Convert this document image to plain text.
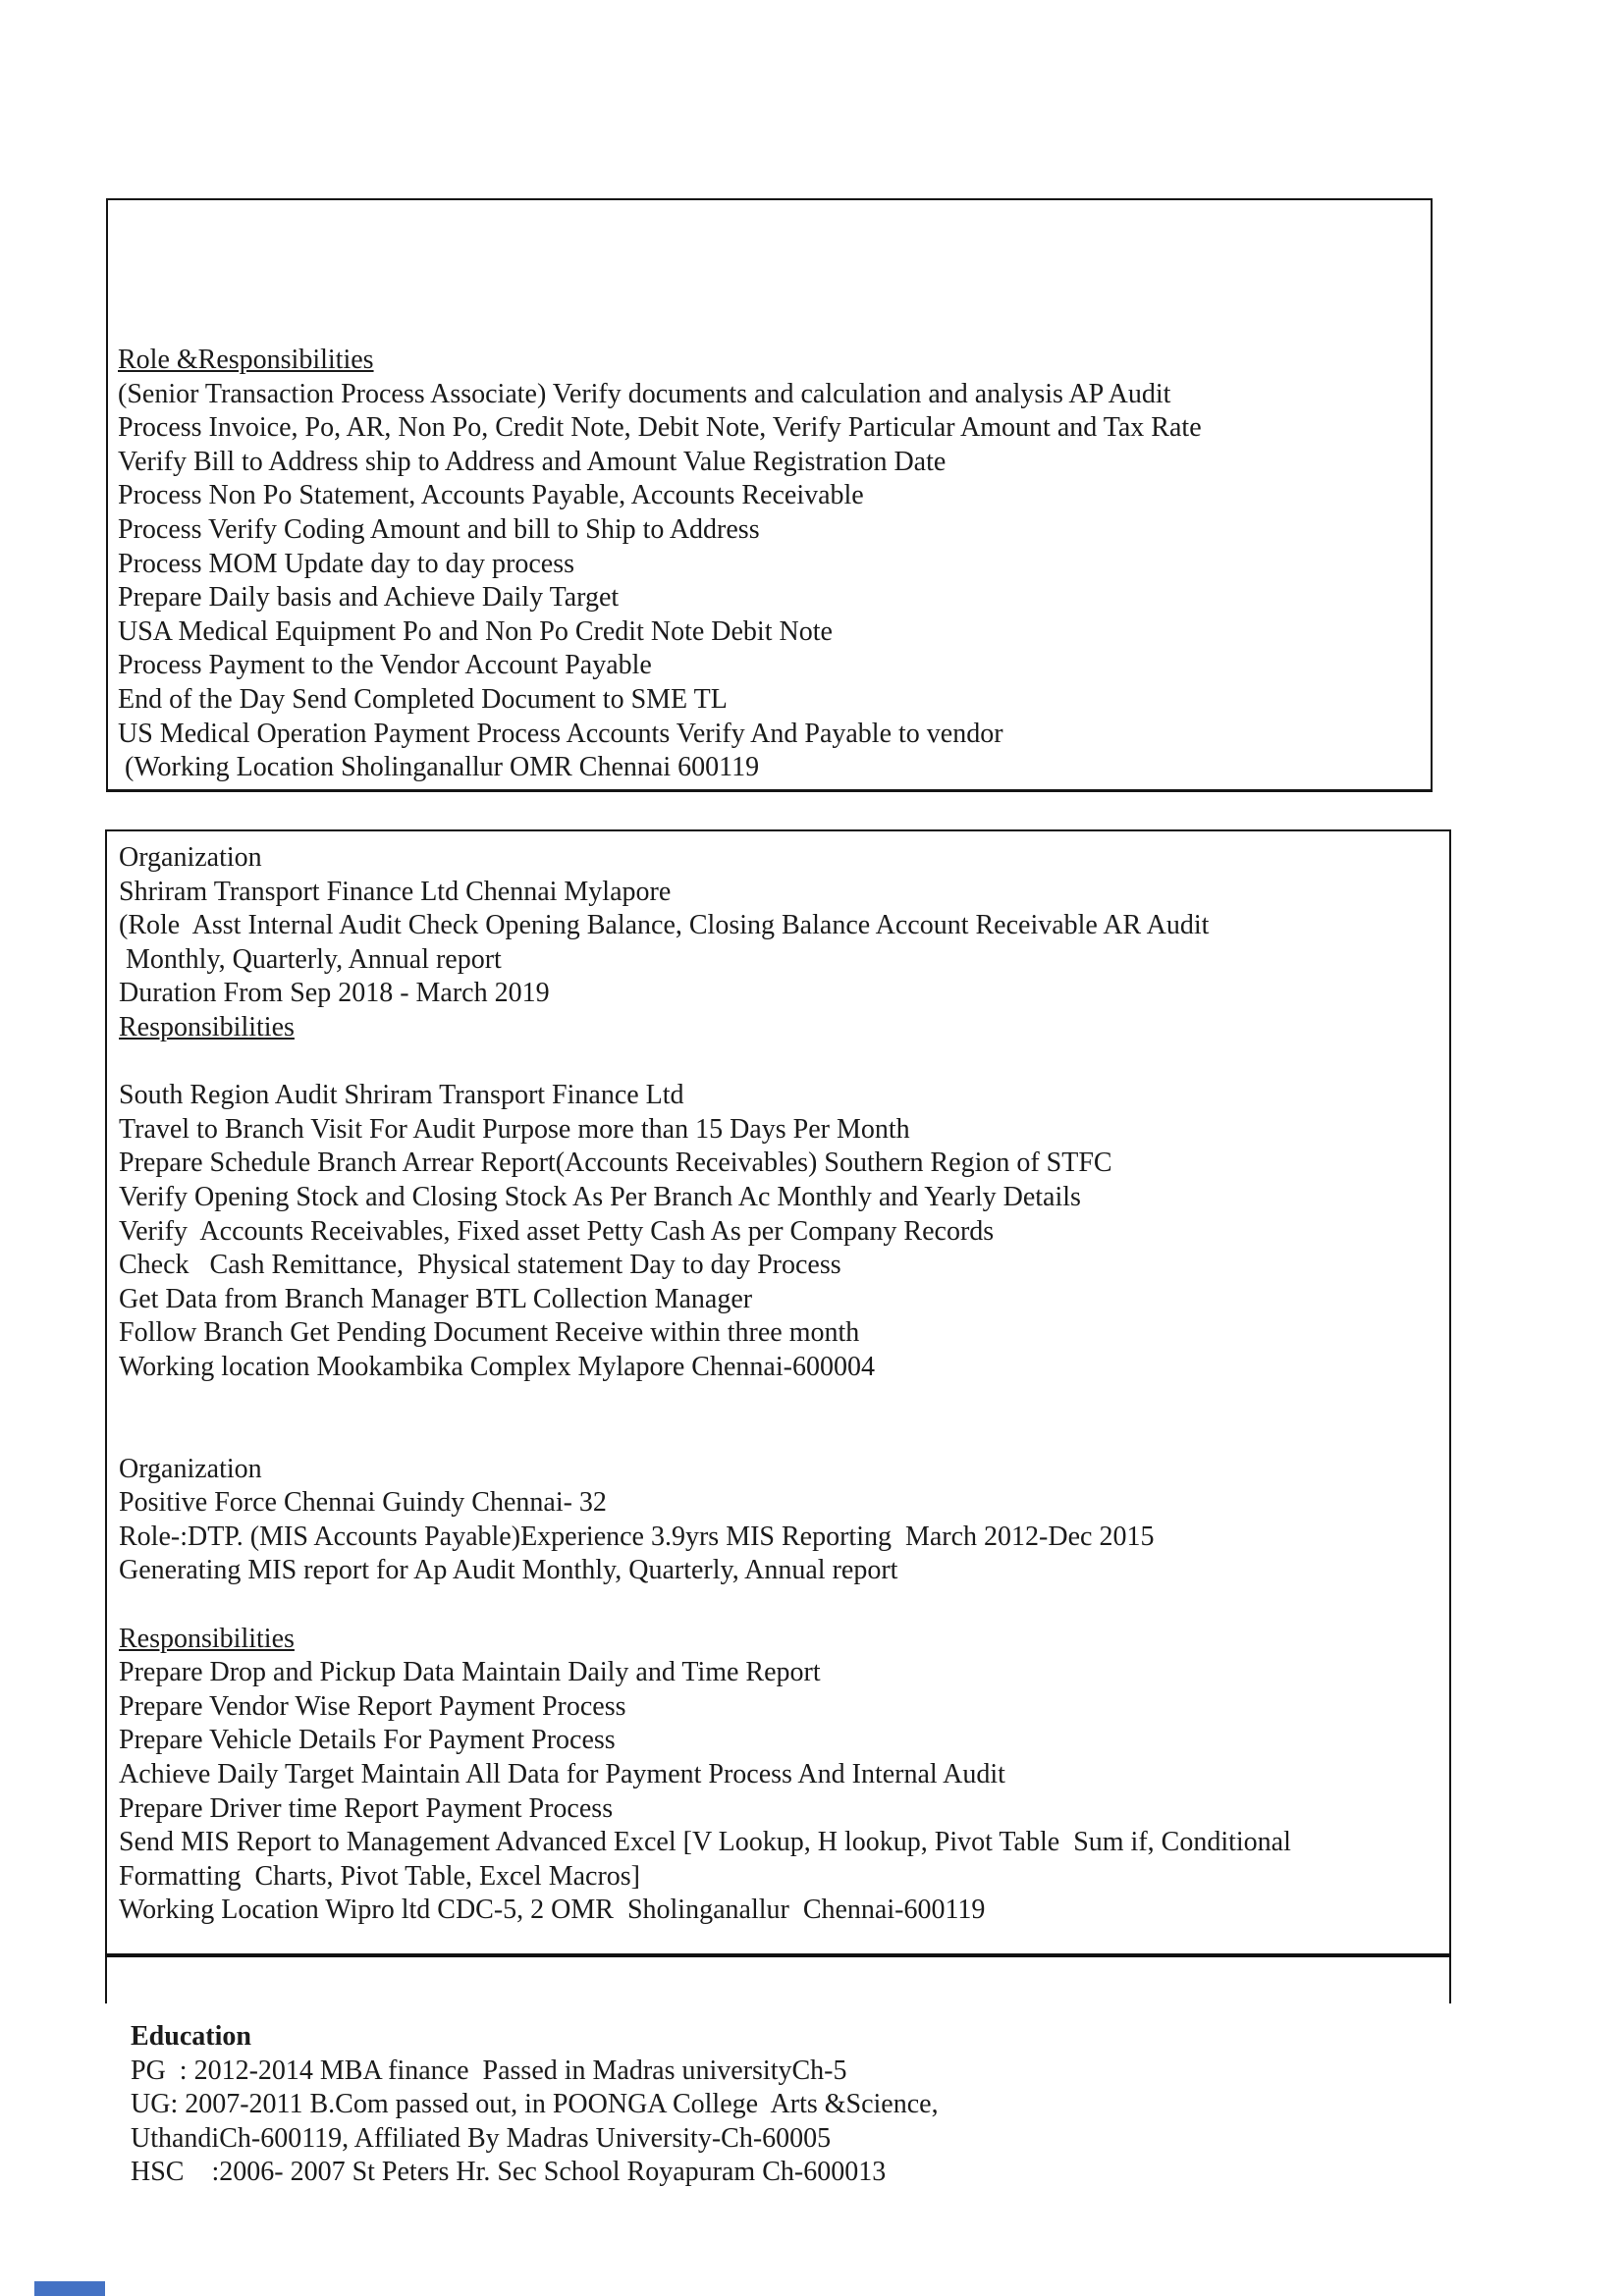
Role &Responsibilities
(Senior Transaction Process Associate) Verify documents and calculation and analysis AP Audit
Process Invoice, Po, AR, Non Po, Credit Note, Debit Note, Verify Particular Amount and Tax Rate
Verify Bill to Address ship to Address and Amount Value Registration Date
Process Non Po Statement, Accounts Payable, Accounts Receivable
Process Verify Coding Amount and bill to Ship to Address
Process MOM Update day to day process
Prepare Daily basis and Achieve Daily Target
USA Medical Equipment Po and Non Po Credit Note Debit Note
Process Payment to the Vendor Account Payable
End of the Day Send Completed Document to SME TL
US Medical Operation Payment Process Accounts Verify And Payable to vendor
(Working Location Sholinganallur OMR Chennai 600119
Organization
Shriram Transport Finance Ltd Chennai Mylapore
(Role  Asst Internal Audit Check Opening Balance, Closing Balance Account Receivable AR Audit
Monthly, Quarterly, Annual report
Duration From Sep 2018 - March 2019
Responsibilities

South Region Audit Shriram Transport Finance Ltd
Travel to Branch Visit For Audit Purpose more than 15 Days Per Month
Prepare Schedule Branch Arrear Report(Accounts Receivables) Southern Region of STFC
Verify Opening Stock and Closing Stock As Per Branch Ac Monthly and Yearly Details
Verify  Accounts Receivables, Fixed asset Petty Cash As per Company Records
Check   Cash Remittance,  Physical statement Day to day Process
Get Data from Branch Manager BTL Collection Manager
Follow Branch Get Pending Document Receive within three month
Working location Mookambika Complex Mylapore Chennai-600004

Organization
Positive Force Chennai Guindy Chennai- 32
Role-:DTP. (MIS Accounts Payable)Experience 3.9yrs MIS Reporting  March 2012-Dec 2015
Generating MIS report for Ap Audit Monthly, Quarterly, Annual report

Responsibilities
Prepare Drop and Pickup Data Maintain Daily and Time Report
Prepare Vendor Wise Report Payment Process
Prepare Vehicle Details For Payment Process
Achieve Daily Target Maintain All Data for Payment Process And Internal Audit
Prepare Driver time Report Payment Process
Send MIS Report to Management Advanced Excel [V Lookup, H lookup, Pivot Table  Sum if, Conditional
Formatting  Charts, Pivot Table, Excel Macros]
Working Location Wipro ltd CDC-5, 2 OMR  Sholinganallur  Chennai-600119
Education
PG  : 2012-2014 MBA finance  Passed in Madras universityCh-5
UG: 2007-2011 B.Com passed out, in POONGA College  Arts &Science,
UthandiCh-600119, Affiliated By Madras University-Ch-60005
HSC    :2006- 2007 St Peters Hr. Sec School Royapuram Ch-600013
